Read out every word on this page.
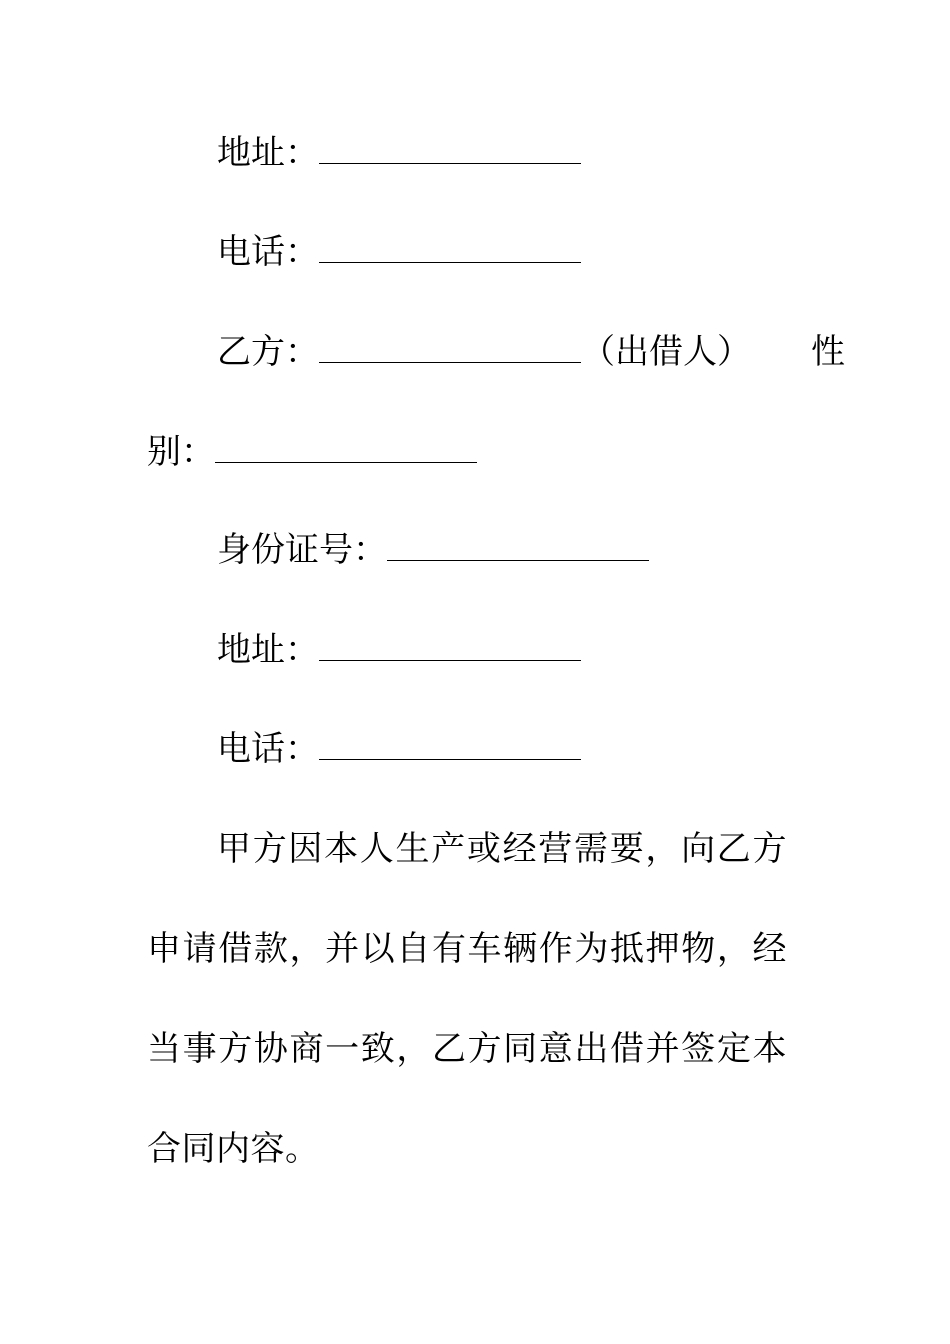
地址：
电话：
乙方：	（出借人） 性
别：
身份证号：
地址：
电话：
甲方因本人生产或经营需要，向乙方申请借款，并以自有车辆作为抵押物，经当事方协商一致，乙方同意出借并签定本合同内容。
